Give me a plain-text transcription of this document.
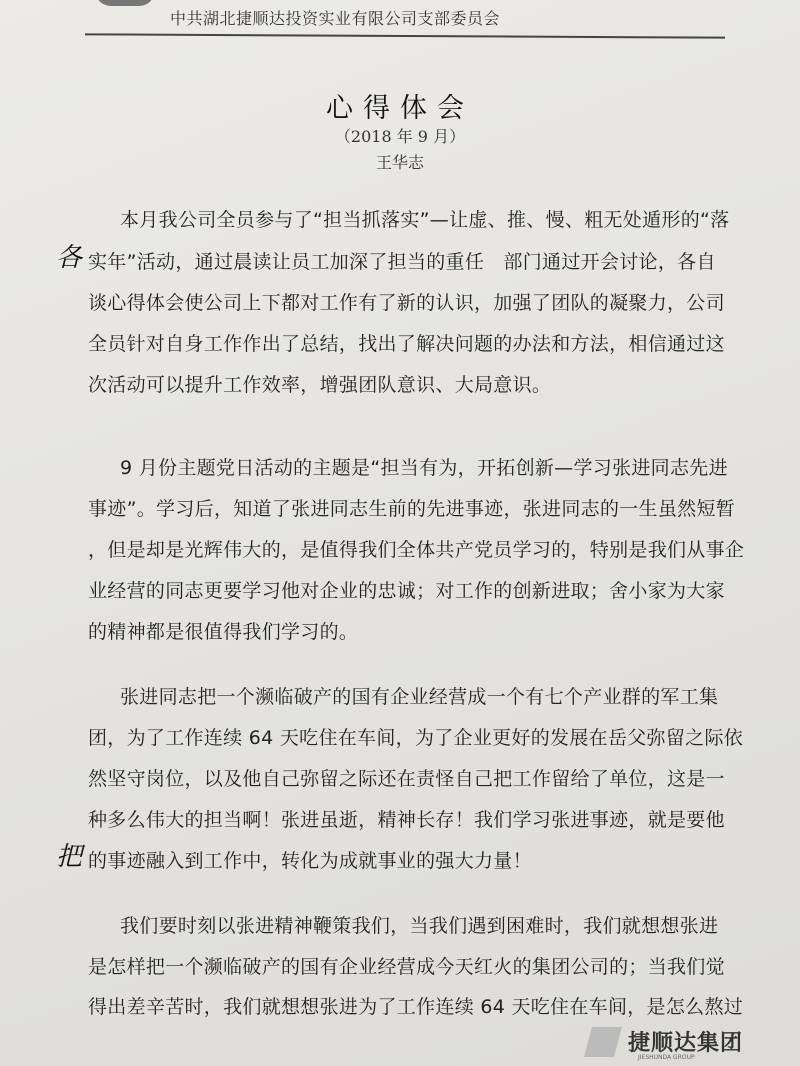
中共湖北捷顺达投资实业有限公司支部委员会
心得体会
（2018 年 9 月）
王华志
本月我公司全员参与了“担当抓落实”—让虚、推、慢、粗无处遁形的“落
实年”活动，通过晨读让员工加深了担当的重任　部门通过开会讨论，各自
谈心得体会使公司上下都对工作有了新的认识，加强了团队的凝聚力，公司
全员针对自身工作作出了总结，找出了解决问题的办法和方法，相信通过这
次活动可以提升工作效率，增强团队意识、大局意识。
9 月份主题党日活动的主题是“担当有为，开拓创新—学习张进同志先进
事迹”。学习后，知道了张进同志生前的先进事迹，张进同志的一生虽然短暂
，但是却是光辉伟大的，是值得我们全体共产党员学习的，特别是我们从事企
业经营的同志更要学习他对企业的忠诚；对工作的创新进取；舍小家为大家
的精神都是很值得我们学习的。
张进同志把一个濒临破产的国有企业经营成一个有七个产业群的军工集
团，为了工作连续 64 天吃住在车间，为了企业更好的发展在岳父弥留之际依
然坚守岗位，以及他自己弥留之际还在责怪自己把工作留给了单位，这是一
种多么伟大的担当啊！张进虽逝，精神长存！我们学习张进事迹，就是要他
的事迹融入到工作中，转化为成就事业的强大力量！
我们要时刻以张进精神鞭策我们，当我们遇到困难时，我们就想想张进
是怎样把一个濒临破产的国有企业经营成今天红火的集团公司的；当我们觉
得出差辛苦时，我们就想想张进为了工作连续 64 天吃住在车间，是怎么熬过
各
把
捷顺达集团
JIESHUNDA GROUP
